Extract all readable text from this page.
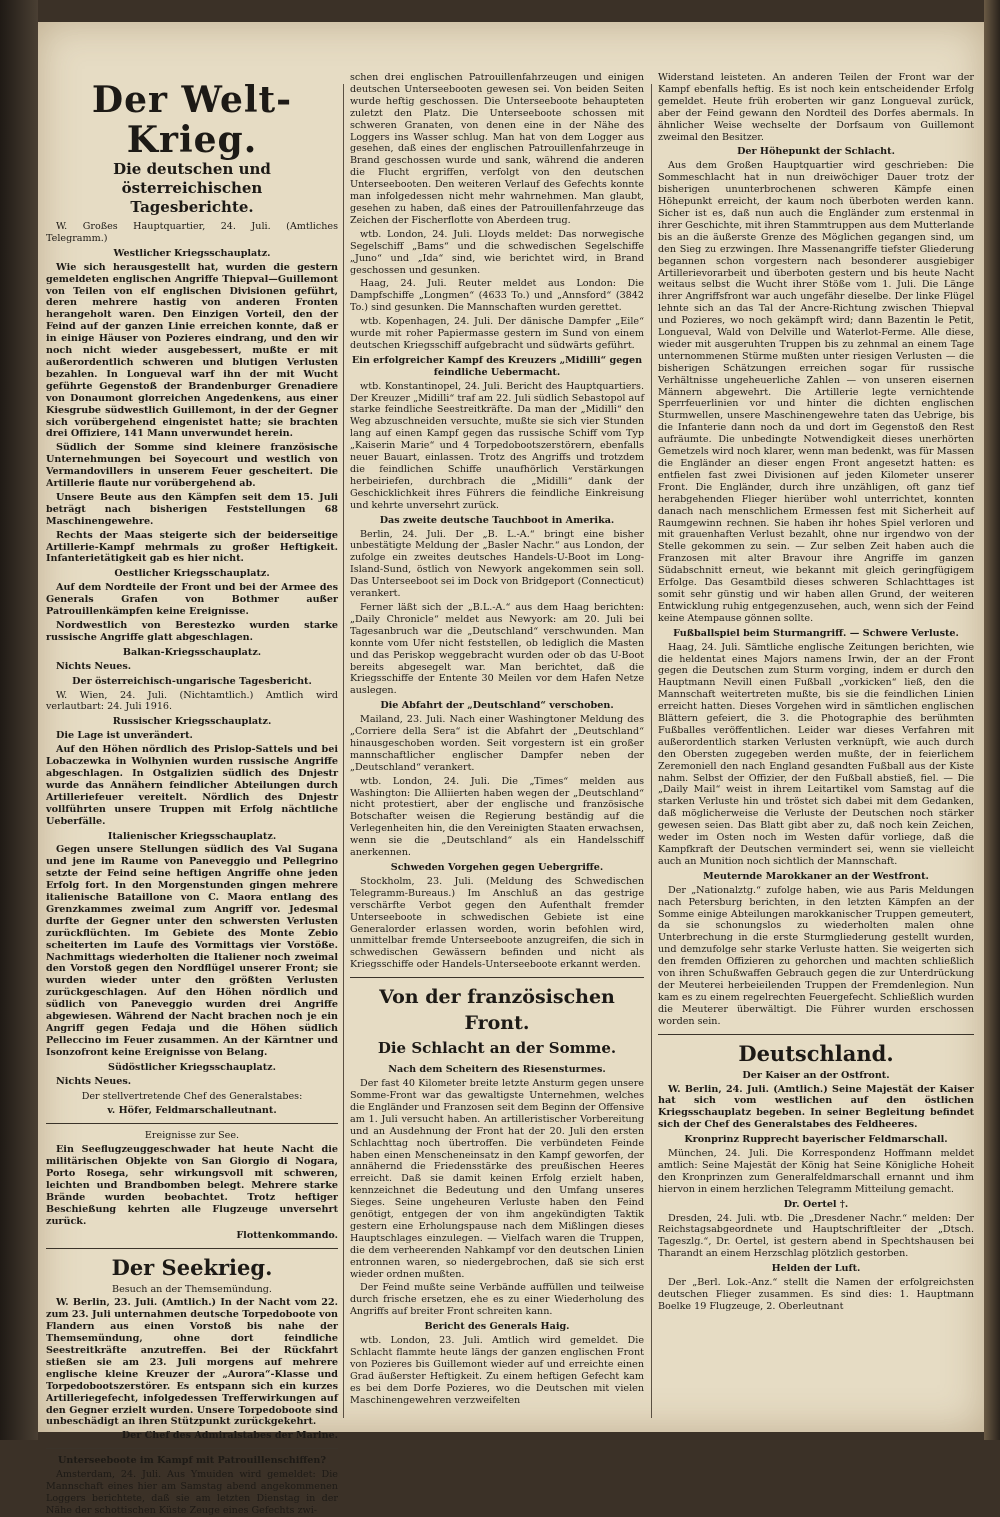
Der Welt-Krieg.
Die deutschen und österreichischen
Tagesberichte.

W. Großes Hauptquartier, 24. Juli. (Amtliches Telegramm.)

Westlicher Kriegsschauplatz.

Wie sich herausgestellt hat, wurden die gestern gemeldeten englischen Angriffe Thiepval—Guillemont von Teilen von elf englischen Divisionen geführt, deren mehrere hastig von anderen Fronten herangeholt waren. Den Einzigen Vorteil, den der Feind auf der ganzen Linie erreichen konnte, daß er in einige Häuser von Pozieres eindrang, und den wir noch nicht wieder ausgebessert, mußte er mit außerordentlich schweren und blutigen Verlusten bezahlen. In Longueval warf ihn der mit Wucht geführte Gegenstoß der Brandenburger Grenadiere von Donaumont glorreichen Angedenkens, aus einer Kiesgrube südwestlich Guillemont, in der der Gegner sich vorübergehend eingenistet hatte; sie brachten drei Offiziere, 141 Mann unverwundet herein.

Südlich der Somme sind kleinere französische Unternehmungen bei Soyecourt und westlich von Vermandovillers in unserem Feuer gescheitert. Die Artillerie flaute nur vorübergehend ab.

Unsere Beute aus den Kämpfen seit dem 15. Juli beträgt nach bisherigen Feststellungen 68 Maschinengewehre.

Rechts der Maas steigerte sich der beiderseitige Artillerie-Kampf mehrmals zu großer Heftigkeit. Infanterietätigkeit gab es hier nicht.

Oestlicher Kriegsschauplatz.

Auf dem Nordteile der Front und bei der Armee des Generals Grafen von Bothmer außer Patrouillenkämpfen keine Ereignisse.

Nordwestlich von Berestezko wurden starke russische Angriffe glatt abgeschlagen.

Balkan-Kriegsschauplatz.

Nichts Neues.

Der österreichisch-ungarische Tagesbericht.

W. Wien, 24. Juli. (Nichtamtlich.) Amtlich wird verlautbart: 24. Juli 1916.

Russischer Kriegsschauplatz.

Die Lage ist unverändert.

Auf den Höhen nördlich des Prislop-Sattels und bei Lobaczewka in Wolhynien wurden russische Angriffe abgeschlagen. In Ostgalizien südlich des Dnjestr wurde das Annähern feindlicher Abteilungen durch Artilleriefeuer vereitelt. Nördlich des Dnjestr vollführten unsere Truppen mit Erfolg nächtliche Ueberfälle.

Italienischer Kriegsschauplatz.

Gegen unsere Stellungen südlich des Val Sugana und jene im Raume von Paneveggio und Pellegrino setzte der Feind seine heftigen Angriffe ohne jeden Erfolg fort. In den Morgenstunden gingen mehrere italienische Bataillone von C. Maora entlang des Grenzkammes zweimal zum Angriff vor. Jedesmal durfte der Gegner unter den schwersten Verlusten zurückflüchten. Im Gebiete des Monte Zebio scheiterten im Laufe des Vormittags vier Vorstöße. Nachmittags wiederholten die Italiener noch zweimal den Vorstoß gegen den Nordflügel unserer Front; sie wurden wieder unter den größten Verlusten zurückgeschlagen. Auf den Höhen nördlich und südlich von Paneveggio wurden drei Angriffe abgewiesen. Während der Nacht brachen noch je ein Angriff gegen Fedaja und die Höhen südlich Pelleccino im Feuer zusammen. An der Kärntner und Isonzofront keine Ereignisse von Belang.

Südöstlicher Kriegsschauplatz.

Nichts Neues.

Der stellvertretende Chef des Generalstabes:
v. Höfer, Feldmarschalleutnant.
Ereignisse zur See.

Ein Seeflugzeuggeschwader hat heute Nacht die militärischen Objekte von San Giorgio di Nogara, Porto Rosega, sehr wirkungsvoll mit schweren, leichten und Brandbomben belegt. Mehrere starke Brände wurden beobachtet. Trotz heftiger Beschießung kehrten alle Flugzeuge unversehrt zurück.

Flottenkommando.
Der Seekrieg.
Besuch an der Themsemündung.

W. Berlin, 23. Juli. (Amtlich.) In der Nacht vom 22. zum 23. Juli unternahmen deutsche Torpedoboote von Flandern aus einen Vorstoß bis nahe der Themsemündung, ohne dort feindliche Seestreitkräfte anzutreffen. Bei der Rückfahrt stießen sie am 23. Juli morgens auf mehrere englische kleine Kreuzer der „Aurora“-Klasse und Torpedobootszerstörer. Es entspann sich ein kurzes Artilleriegefecht, infolgedessen Trefferwirkungen auf den Gegner erzielt wurden. Unsere Torpedoboote sind unbeschädigt an ihren Stützpunkt zurückgekehrt.

Der Chef des Admiralstabes der Marine.
Unterseeboote im Kampf mit Patrouillenschiffen?

Amsterdam, 24. Juli. Aus Ymuiden wird gemeldet: Die Mannschaft eines hier am Samstag abend angekommenen Loggers berichtete, daß sie am letzten Dienstag in der Nähe der schottischen Küste Zeuge eines Gefechts zwi-

schen drei englischen Patrouillenfahrzeugen und einigen deutschen Unterseebooten gewesen sei. Von beiden Seiten wurde heftig geschossen. Die Unterseeboote behaupteten zuletzt den Platz. Die Unterseeboote schossen mit schweren Granaten, von denen eine in der Nähe des Loggers ins Wasser schlug. Man hat von dem Logger aus gesehen, daß eines der englischen Patrouillenfahrzeuge in Brand geschossen wurde und sank, während die anderen die Flucht ergriffen, verfolgt von den deutschen Unterseebooten. Den weiteren Verlauf des Gefechts konnte man infolgedessen nicht mehr wahrnehmen. Man glaubt, gesehen zu haben, daß eines der Patrouillenfahrzeuge das Zeichen der Fischerflotte von Aberdeen trug.

wtb. London, 24. Juli. Lloyds meldet: Das norwegische Segelschiff „Bams“ und die schwedischen Segelschiffe „Juno“ und „Ida“ sind, wie berichtet wird, in Brand geschossen und gesunken.

Haag, 24. Juli. Reuter meldet aus London: Die Dampfschiffe „Longmen“ (4633 To.) und „Annsford“ (3842 To.) sind gesunken. Die Mannschaften wurden gerettet.

wtb. Kopenhagen, 24. Juli. Der dänische Dampfer „Eile“ wurde mit roher Papiermasse gestern im Sund von einem deutschen Kriegsschiff aufgebracht und südwärts geführt.

Ein erfolgreicher Kampf des Kreuzers „Midilli“ gegen feindliche Uebermacht.

wtb. Konstantinopel, 24. Juli. Bericht des Hauptquartiers. Der Kreuzer „Midilli“ traf am 22. Juli südlich Sebastopol auf starke feindliche Seestreitkräfte. Da man der „Midilli“ den Weg abzuschneiden versuchte, mußte sie sich vier Stunden lang auf einen Kampf gegen das russische Schiff vom Typ „Kaiserin Marie“ und 4 Torpedobootszerstörern, ebenfalls neuer Bauart, einlassen. Trotz des Angriffs und trotzdem die feindlichen Schiffe unaufhörlich Verstärkungen herbeiriefen, durchbrach die „Midilli“ dank der Geschicklichkeit ihres Führers die feindliche Einkreisung und kehrte unversehrt zurück.

Das zweite deutsche Tauchboot in Amerika.

Berlin, 24. Juli. Der „B. L.-A.“ bringt eine bisher unbestätigte Meldung der „Basler Nachr.“ aus London, der zufolge ein zweites deutsches Handels-U-Boot im Long-Island-Sund, östlich von Newyork angekommen sein soll. Das Unterseeboot sei im Dock von Bridgeport (Connecticut) verankert.

Ferner läßt sich der „B.L.-A.“ aus dem Haag berichten: „Daily Chronicle“ meldet aus Newyork: am 20. Juli bei Tagesanbruch war die „Deutschland“ verschwunden. Man konnte vom Ufer nicht feststellen, ob lediglich die Masten und das Periskop weggebracht wurden oder ob das U-Boot bereits abgesegelt war. Man berichtet, daß die Kriegsschiffe der Entente 30 Meilen vor dem Hafen Netze auslegen.

Die Abfahrt der „Deutschland“ verschoben.

Mailand, 23. Juli. Nach einer Washingtoner Meldung des „Corriere della Sera“ ist die Abfahrt der „Deutschland“ hinausgeschoben worden. Seit vorgestern ist ein großer mannschaftlicher englischer Dampfer neben der „Deutschland“ verankert.

wtb. London, 24. Juli. Die „Times“ melden aus Washington: Die Alliierten haben wegen der „Deutschland“ nicht protestiert, aber der englische und französische Botschafter weisen die Regierung beständig auf die Verlegenheiten hin, die den Vereinigten Staaten erwachsen, wenn sie die „Deutschland“ als ein Handelsschiff anerkennen.

Schweden Vorgehen gegen Uebergriffe.

Stockholm, 23. Juli. (Meldung des Schwedischen Telegramm-Bureaus.) Im Anschluß an das gestrige verschärfte Verbot gegen den Aufenthalt fremder Unterseeboote in schwedischen Gebiete ist eine Generalorder erlassen worden, worin befohlen wird, unmittelbar fremde Unterseeboote anzugreifen, die sich in schwedischen Gewässern befinden und nicht als Kriegsschiffe oder Handels-Unterseeboote erkannt werden.

Von der französischen Front.
Die Schlacht an der Somme.
Nach dem Scheitern des Riesensturmes.

Der fast 40 Kilometer breite letzte Ansturm gegen unsere Somme-Front war das gewaltigste Unternehmen, welches die Engländer und Franzosen seit dem Beginn der Offensive am 1. Juli versucht haben. An artilleristischer Vorbereitung und an Ausdehnung der Front hat der 20. Juli den ersten Schlachttag noch übertroffen. Die verbündeten Feinde haben einen Menscheneinsatz in den Kampf geworfen, der annähernd die Friedensstärke des preußischen Heeres erreicht. Daß sie damit keinen Erfolg erzielt haben, kennzeichnet die Bedeutung und den Umfang unseres Sieges. Seine ungeheuren Verluste haben den Feind genötigt, entgegen der von ihm angekündigten Taktik gestern eine Erholungspause nach dem Mißlingen dieses Hauptschlages einzulegen. — Vielfach waren die Truppen, die dem verheerenden Nahkampf vor den deutschen Linien entronnen waren, so niedergebrochen, daß sie sich erst wieder ordnen mußten.

Der Feind mußte seine Verbände auffüllen und teilweise durch frische ersetzen, ehe es zu einer Wiederholung des Angriffs auf breiter Front schreiten kann.

Bericht des Generals Haig.

wtb. London, 23. Juli. Amtlich wird gemeldet. Die Schlacht flammte heute längs der ganzen englischen Front von Pozieres bis Guillemont wieder auf und erreichte einen Grad äußerster Heftigkeit. Zu einem heftigen Gefecht kam es bei dem Dorfe Pozieres, wo die Deutschen mit vielen Maschinengewehren verzweifelten

Widerstand leisteten. An anderen Teilen der Front war der Kampf ebenfalls heftig. Es ist noch kein entscheidender Erfolg gemeldet. Heute früh eroberten wir ganz Longueval zurück, aber der Feind gewann den Nordteil des Dorfes abermals. In ähnlicher Weise wechselte der Dorfsaum von Guillemont zweimal den Besitzer.

Der Höhepunkt der Schlacht.

Aus dem Großen Hauptquartier wird geschrieben: Die Sommeschlacht hat in nun dreiwöchiger Dauer trotz der bisherigen ununterbrochenen schweren Kämpfe einen Höhepunkt erreicht, der kaum noch überboten werden kann. Sicher ist es, daß nun auch die Engländer zum erstenmal in ihrer Geschichte, mit ihren Stammtruppen aus dem Mutterlande bis an die äußerste Grenze des Möglichen gegangen sind, um den Sieg zu erzwingen. Ihre Massenangriffe tiefster Gliederung begannen schon vorgestern nach besonderer ausgiebiger Artillerievorarbeit und überboten gestern und bis heute Nacht weitaus selbst die Wucht ihrer Stöße vom 1. Juli. Die Länge ihrer Angriffsfront war auch ungefähr dieselbe. Der linke Flügel lehnte sich an das Tal der Ancre-Richtung zwischen Thiepval und Pozieres, wo noch gekämpft wird; dann Bazentin le Petit, Longueval, Wald von Delville und Waterlot-Ferme. Alle diese, wieder mit ausgeruhten Truppen bis zu zehnmal an einem Tage unternommenen Stürme mußten unter riesigen Verlusten — die bisherigen Schätzungen erreichen sogar für russische Verhältnisse ungeheuerliche Zahlen — von unseren eisernen Männern abgewehrt. Die Artillerie legte vernichtende Sperrfeuerlinien vor und hinter die dichten englischen Sturmwellen, unsere Maschinengewehre taten das Uebrige, bis die Infanterie dann noch da und dort im Gegenstoß den Rest aufräumte. Die unbedingte Notwendigkeit dieses unerhörten Gemetzels wird noch klarer, wenn man bedenkt, was für Massen die Engländer an dieser engen Front angesetzt hatten: es entfielen fast zwei Divisionen auf jeden Kilometer unserer Front. Die Engländer, durch ihre unzähligen, oft ganz tief herabgehenden Flieger hierüber wohl unterrichtet, konnten danach nach menschlichem Ermessen fest mit Sicherheit auf Raumgewinn rechnen. Sie haben ihr hohes Spiel verloren und mit grauenhaften Verlust bezahlt, ohne nur irgendwo von der Stelle gekommen zu sein. — Zur selben Zeit haben auch die Franzosen mit alter Bravour ihre Angriffe im ganzen Südabschnitt erneut, wie bekannt mit gleich geringfügigem Erfolge. Das Gesamtbild dieses schweren Schlachttages ist somit sehr günstig und wir haben allen Grund, der weiteren Entwicklung ruhig entgegenzusehen, auch, wenn sich der Feind keine Atempause gönnen sollte.

Fußballspiel beim Sturmangriff. — Schwere Verluste.

Haag, 24. Juli. Sämtliche englische Zeitungen berichten, wie die heldentat eines Majors namens Irwin, der an der Front gegen die Deutschen zum Sturm vorging, indem er durch den Hauptmann Nevill einen Fußball „vorkicken“ ließ, den die Mannschaft weitertreten mußte, bis sie die feindlichen Linien erreicht hatten. Dieses Vorgehen wird in sämtlichen englischen Blättern gefeiert, die 3. die Photographie des berühmten Fußballes veröffentlichen. Leider war dieses Verfahren mit außerordentlich starken Verlusten verknüpft, wie auch durch den Obersten zugegeben werden mußte, der in feierlichem Zeremoniell den nach England gesandten Fußball aus der Kiste nahm. Selbst der Offizier, der den Fußball abstieß, fiel. — Die „Daily Mail“ weist in ihrem Leitartikel vom Samstag auf die starken Verluste hin und tröstet sich dabei mit dem Gedanken, daß möglicherweise die Verluste der Deutschen noch stärker gewesen seien. Das Blatt gibt aber zu, daß noch kein Zeichen, weder im Osten noch im Westen dafür vorliege, daß die Kampfkraft der Deutschen vermindert sei, wenn sie vielleicht auch an Munition noch sichtlich der Mannschaft.

Meuternde Marokkaner an der Westfront.

Der „Nationalztg.“ zufolge haben, wie aus Paris Meldungen nach Petersburg berichten, in den letzten Kämpfen an der Somme einige Abteilungen marokkanischer Truppen gemeutert, da sie schonungslos zu wiederholten malen ohne Unterbrechung in die erste Sturmgliederung gestellt wurden, und demzufolge sehr starke Verluste hatten. Sie weigerten sich den fremden Offizieren zu gehorchen und machten schließlich von ihren Schußwaffen Gebrauch gegen die zur Unterdrückung der Meuterei herbeieilenden Truppen der Fremdenlegion. Nun kam es zu einem regelrechten Feuergefecht. Schließlich wurden die Meuterer überwältigt. Die Führer wurden erschossen worden sein.

Deutschland.
Der Kaiser an der Ostfront.

W. Berlin, 24. Juli. (Amtlich.) Seine Majestät der Kaiser hat sich vom westlichen auf den östlichen Kriegsschauplatz begeben. In seiner Begleitung befindet sich der Chef des Generalstabes des Feldheeres.

Kronprinz Rupprecht bayerischer Feldmarschall.

München, 24. Juli. Die Korrespondenz Hoffmann meldet amtlich: Seine Majestät der König hat Seine Königliche Hoheit den Kronprinzen zum Generalfeldmarschall ernannt und ihm hiervon in einem herzlichen Telegramm Mitteilung gemacht.

Dr. Oertel †.

Dresden, 24. Juli. wtb. Die „Dresdener Nachr.“ melden: Der Reichstagsabgeordnete und Hauptschriftleiter der „Dtsch. Tageszlg.“, Dr. Oertel, ist gestern abend in Spechtshausen bei Tharandt an einem Herzschlag plötzlich gestorben.

Helden der Luft.

Der „Berl. Lok.-Anz.“ stellt die Namen der erfolgreichsten deutschen Flieger zusammen. Es sind dies: 1. Hauptmann Boelke 19 Flugzeuge, 2. Oberleutnant
